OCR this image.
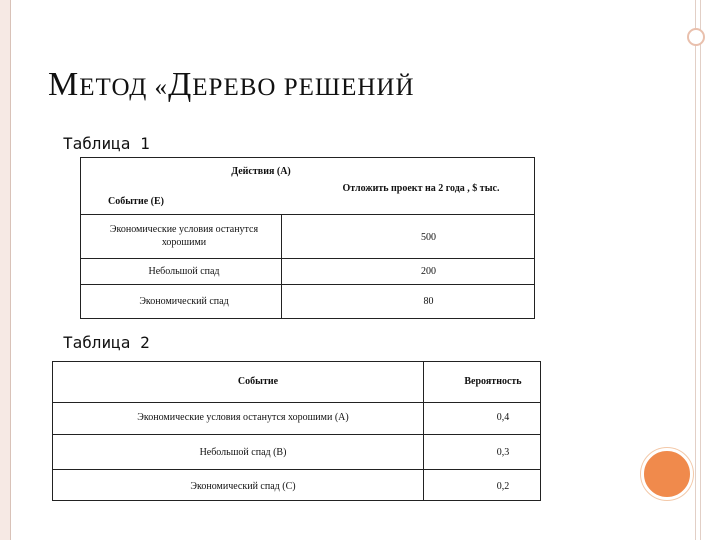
МЕТОД «ДЕРЕВО РЕШЕНИЙ
Таблица 1
Действия (А)
Отложить проект на 2 года , $ тыс.
Событие (Е)
Экономические условия останутся хорошими	500
Небольшой спад	200
Экономический спад	80
Таблица 2
Событие	Вероятность
Экономические условия останутся хорошими (A)	0,4
Небольшой спад (B)	0,3
Экономический спад (C)	0,2
